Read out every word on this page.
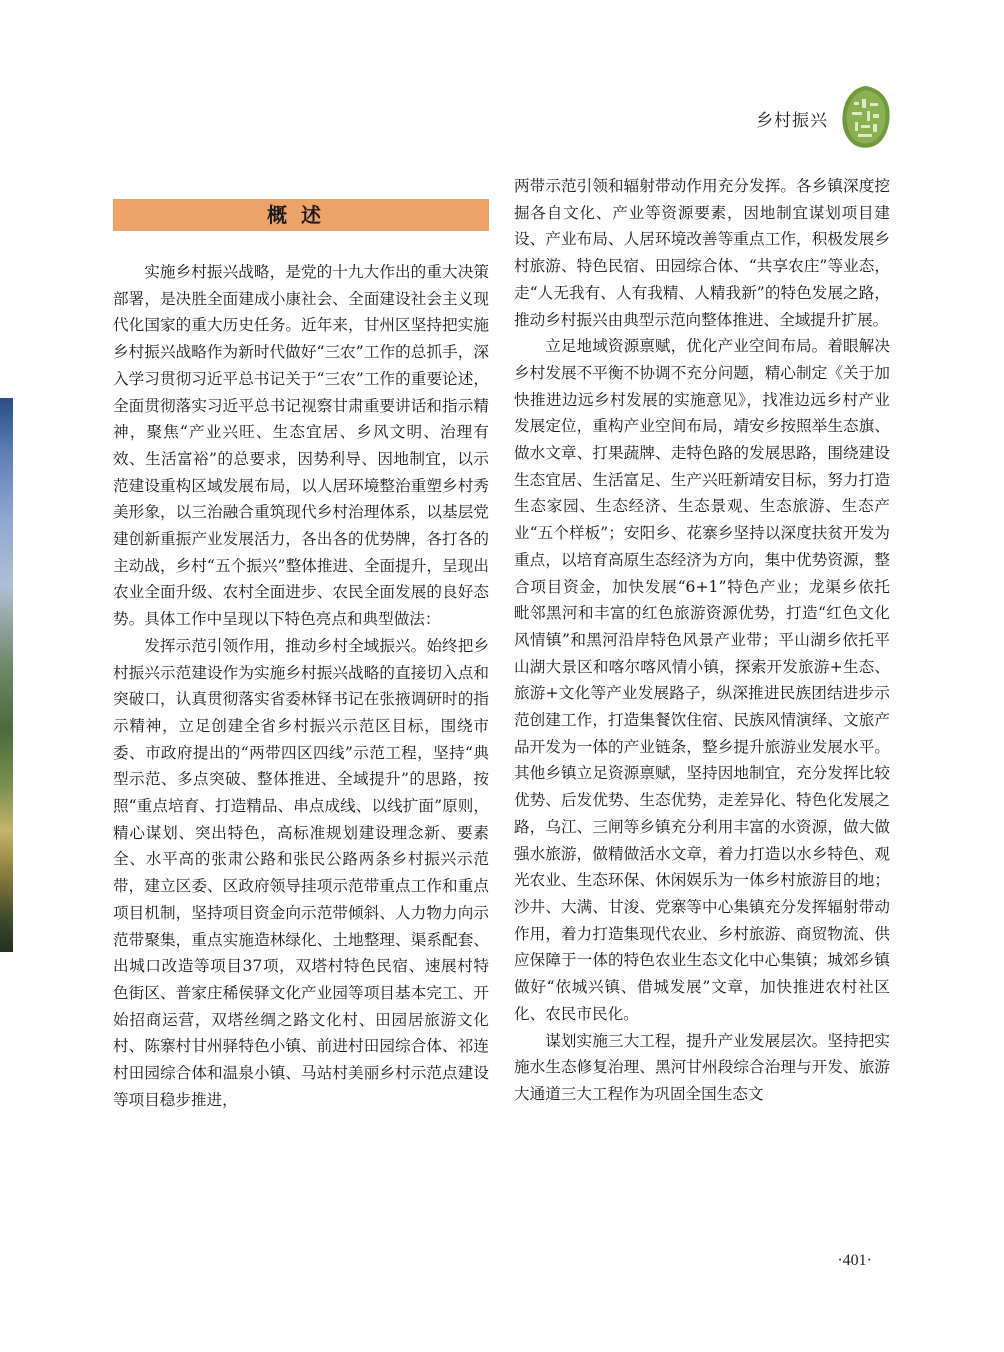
乡村振兴
概述

实施乡村振兴战略，是党的十九大作出的重大决策部署，是决胜全面建成小康社会、全面建设社会主义现代化国家的重大历史任务。近年来，甘州区坚持把实施乡村振兴战略作为新时代做好“三农”工作的总抓手，深入学习贯彻习近平总书记关于“三农”工作的重要论述，全面贯彻落实习近平总书记视察甘肃重要讲话和指示精神，聚焦“产业兴旺、生态宜居、乡风文明、治理有效、生活富裕”的总要求，因势利导、因地制宜，以示范建设重构区域发展布局，以人居环境整治重塑乡村秀美形象，以三治融合重筑现代乡村治理体系，以基层党建创新重振产业发展活力，各出各的优势牌，各打各的主动战，乡村“五个振兴”整体推进、全面提升，呈现出农业全面升级、农村全面进步、农民全面发展的良好态势。具体工作中呈现以下特色亮点和典型做法：

发挥示范引领作用，推动乡村全域振兴。始终把乡村振兴示范建设作为实施乡村振兴战略的直接切入点和突破口，认真贯彻落实省委林铎书记在张掖调研时的指示精神，立足创建全省乡村振兴示范区目标，围绕市委、市政府提出的“两带四区四线”示范工程，坚持“典型示范、多点突破、整体推进、全域提升”的思路，按照“重点培育、打造精品、串点成线、以线扩面”原则，精心谋划、突出特色，高标准规划建设理念新、要素全、水平高的张肃公路和张民公路两条乡村振兴示范带，建立区委、区政府领导挂项示范带重点工作和重点项目机制，坚持项目资金向示范带倾斜、人力物力向示范带聚集，重点实施造林绿化、土地整理、渠系配套、出城口改造等项目37项，双塔村特色民宿、速展村特色街区、普家庄稀侯驿文化产业园等项目基本完工、开始招商运营，双塔丝绸之路文化村、田园居旅游文化村、陈寨村甘州驿特色小镇、前进村田园综合体、祁连村田园综合体和温泉小镇、马站村美丽乡村示范点建设等项目稳步推进，

两带示范引领和辐射带动作用充分发挥。各乡镇深度挖掘各自文化、产业等资源要素，因地制宜谋划项目建设、产业布局、人居环境改善等重点工作，积极发展乡村旅游、特色民宿、田园综合体、“共享农庄”等业态，走“人无我有、人有我精、人精我新”的特色发展之路，推动乡村振兴由典型示范向整体推进、全域提升扩展。

立足地域资源禀赋，优化产业空间布局。着眼解决乡村发展不平衡不协调不充分问题，精心制定《关于加快推进边远乡村发展的实施意见》，找准边远乡村产业发展定位，重构产业空间布局，靖安乡按照举生态旗、做水文章、打果蔬牌、走特色路的发展思路，围绕建设生态宜居、生活富足、生产兴旺新靖安目标，努力打造生态家园、生态经济、生态景观、生态旅游、生态产业“五个样板”；安阳乡、花寨乡坚持以深度扶贫开发为重点，以培育高原生态经济为方向，集中优势资源，整合项目资金，加快发展“6+1”特色产业；龙渠乡依托毗邻黑河和丰富的红色旅游资源优势，打造“红色文化风情镇”和黑河沿岸特色风景产业带；平山湖乡依托平山湖大景区和喀尔喀风情小镇，探索开发旅游+生态、旅游+文化等产业发展路子，纵深推进民族团结进步示范创建工作，打造集餐饮住宿、民族风情演绎、文旅产品开发为一体的产业链条，整乡提升旅游业发展水平。其他乡镇立足资源禀赋，坚持因地制宜，充分发挥比较优势、后发优势、生态优势，走差异化、特色化发展之路，乌江、三闸等乡镇充分利用丰富的水资源，做大做强水旅游，做精做活水文章，着力打造以水乡特色、观光农业、生态环保、休闲娱乐为一体乡村旅游目的地；沙井、大满、甘浚、党寨等中心集镇充分发挥辐射带动作用，着力打造集现代农业、乡村旅游、商贸物流、供应保障于一体的特色农业生态文化中心集镇；城郊乡镇做好“依城兴镇、借城发展”文章，加快推进农村社区化、农民市民化。

谋划实施三大工程，提升产业发展层次。坚持把实施水生态修复治理、黑河甘州段综合治理与开发、旅游大通道三大工程作为巩固全国生态文

·401·
